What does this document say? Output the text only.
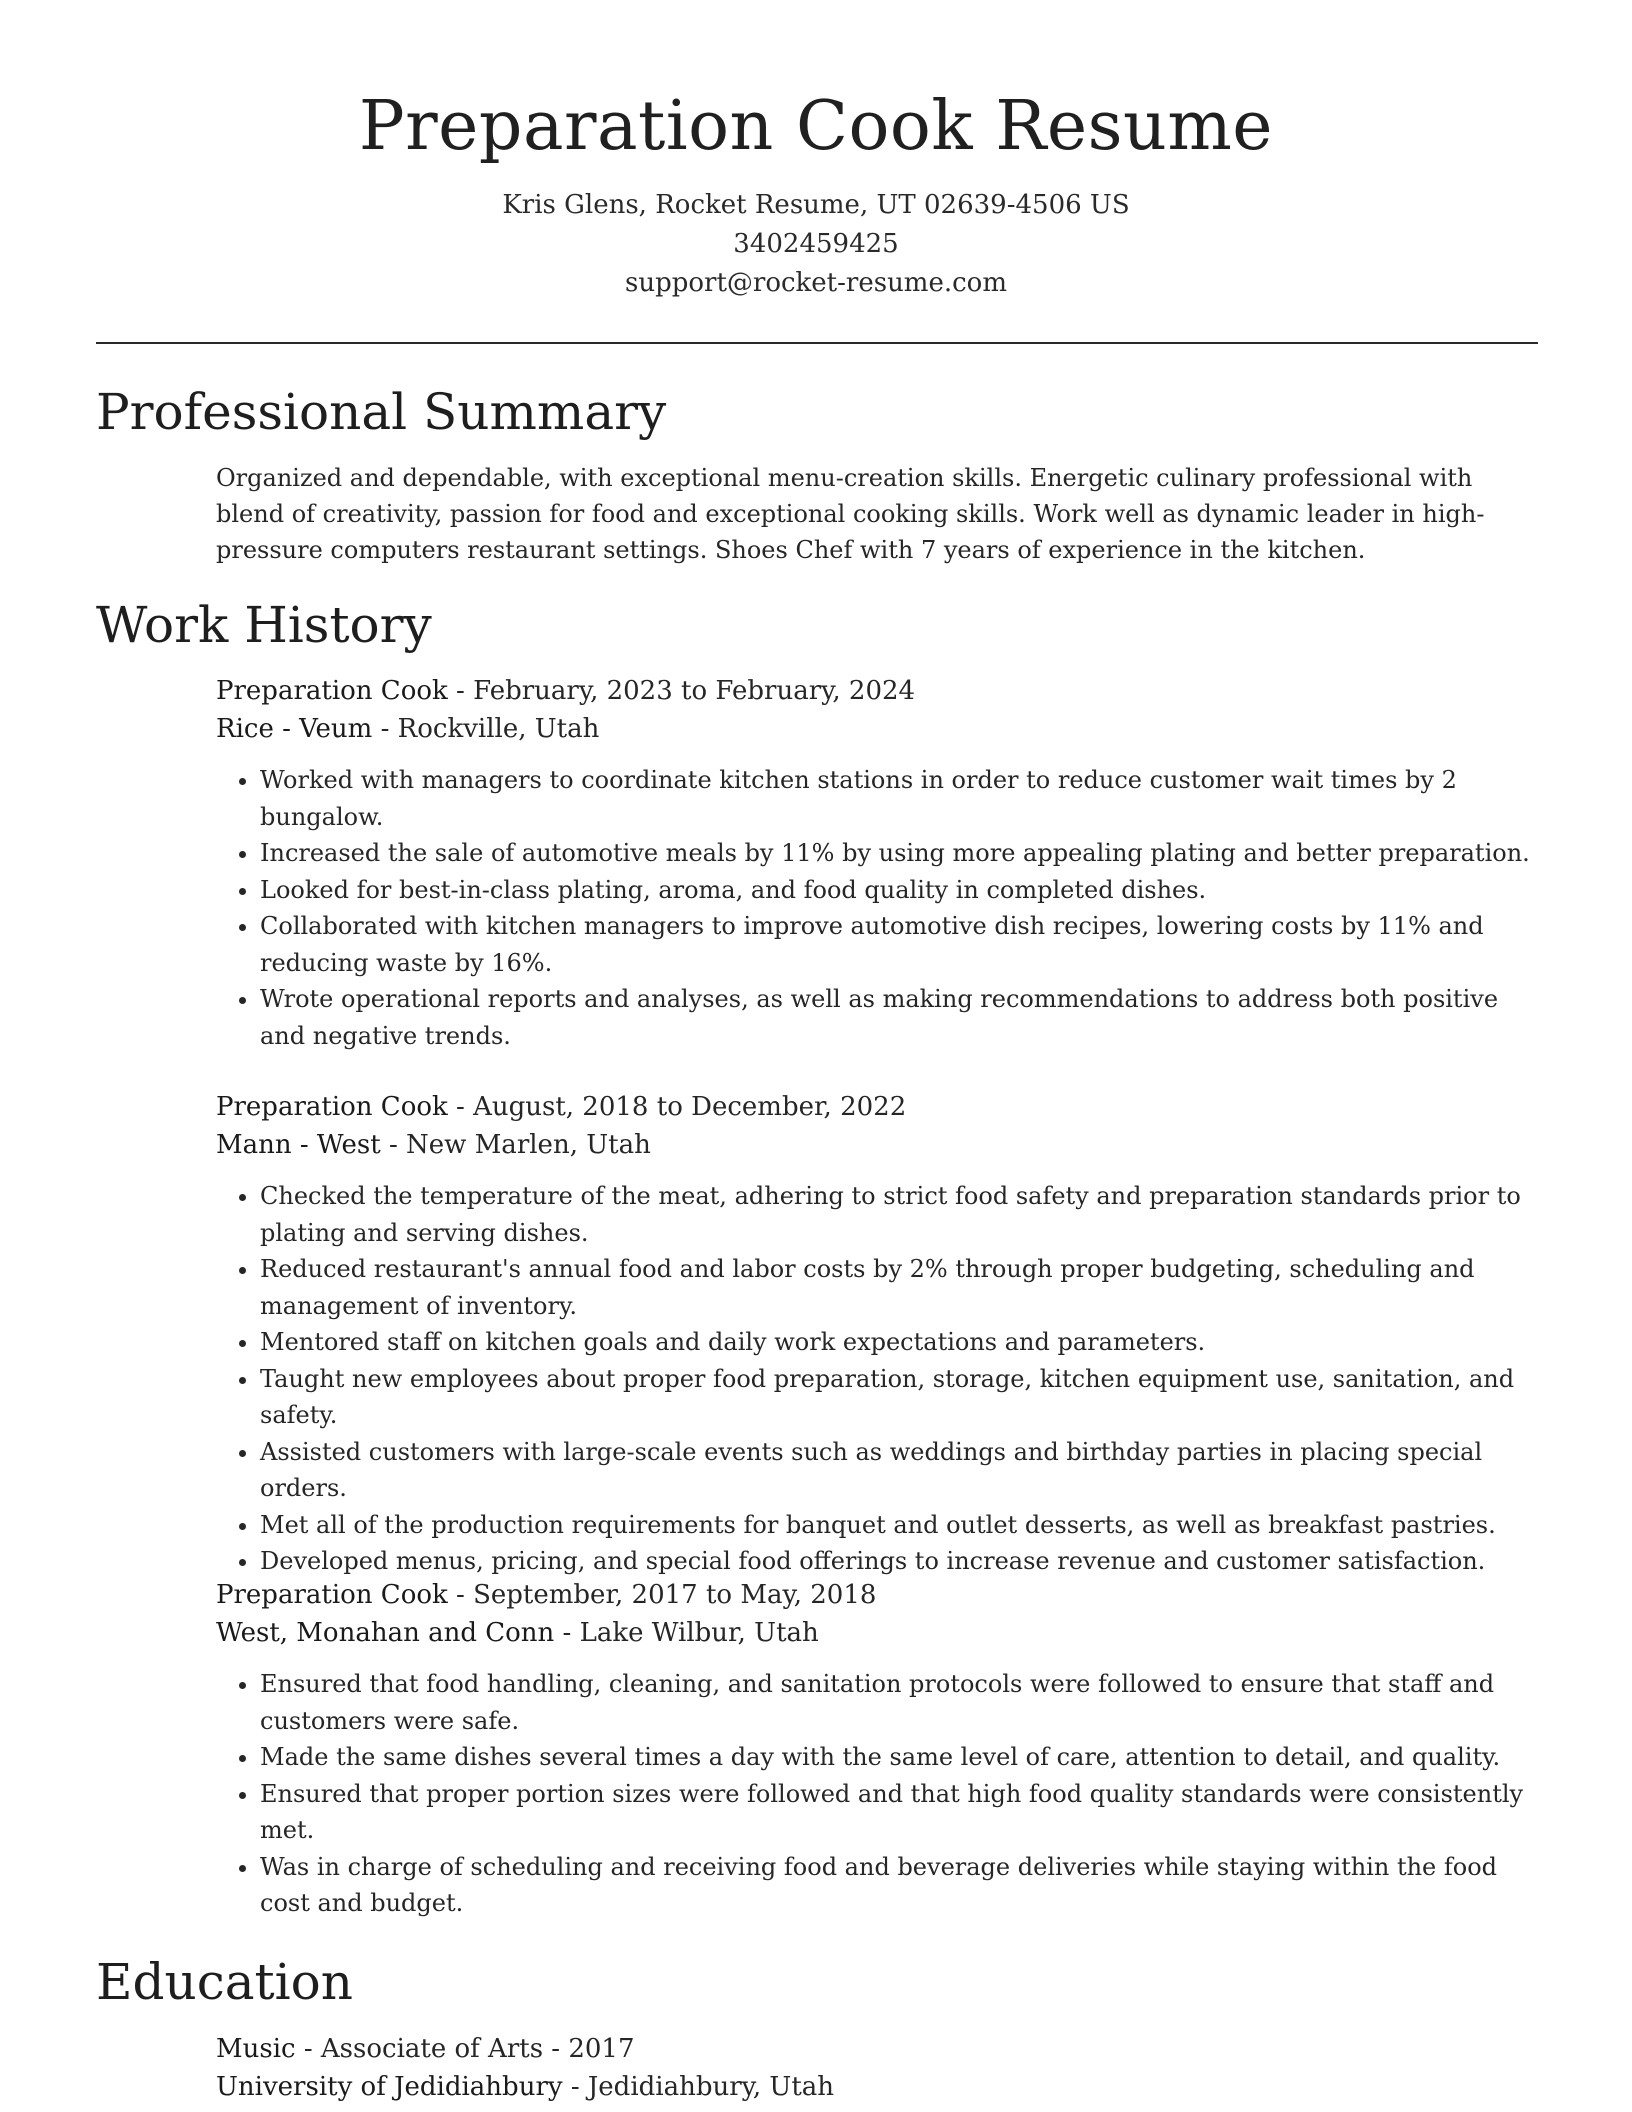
Preparation Cook Resume

Kris Glens, Rocket Resume, UT 02639-4506 US

3402459425

support@rocket-resume.com

Professional Summary

Organized and dependable, with exceptional menu-creation skills. Energetic culinary professional with blend of creativity, passion for food and exceptional cooking skills. Work well as dynamic leader in high-pressure computers restaurant settings. Shoes Chef with 7 years of experience in the kitchen.

Work History

Preparation Cook - February, 2023 to February, 2024

Rice - Veum - Rockville, Utah

• Worked with managers to coordinate kitchen stations in order to reduce customer wait times by 2 bungalow.
• Increased the sale of automotive meals by 11% by using more appealing plating and better preparation.
• Looked for best-in-class plating, aroma, and food quality in completed dishes.
• Collaborated with kitchen managers to improve automotive dish recipes, lowering costs by 11% and reducing waste by 16%.
• Wrote operational reports and analyses, as well as making recommendations to address both positive and negative trends.

Preparation Cook - August, 2018 to December, 2022

Mann - West - New Marlen, Utah

• Checked the temperature of the meat, adhering to strict food safety and preparation standards prior to plating and serving dishes.
• Reduced restaurant's annual food and labor costs by 2% through proper budgeting, scheduling and management of inventory.
• Mentored staff on kitchen goals and daily work expectations and parameters.
• Taught new employees about proper food preparation, storage, kitchen equipment use, sanitation, and safety.
• Assisted customers with large-scale events such as weddings and birthday parties in placing special orders.
• Met all of the production requirements for banquet and outlet desserts, as well as breakfast pastries.
• Developed menus, pricing, and special food offerings to increase revenue and customer satisfaction.

Preparation Cook - September, 2017 to May, 2018

West, Monahan and Conn - Lake Wilbur, Utah

• Ensured that food handling, cleaning, and sanitation protocols were followed to ensure that staff and customers were safe.
• Made the same dishes several times a day with the same level of care, attention to detail, and quality.
• Ensured that proper portion sizes were followed and that high food quality standards were consistently met.
• Was in charge of scheduling and receiving food and beverage deliveries while staying within the food cost and budget.
Education

Music - Associate of Arts - 2017

University of Jedidiahbury - Jedidiahbury, Utah
